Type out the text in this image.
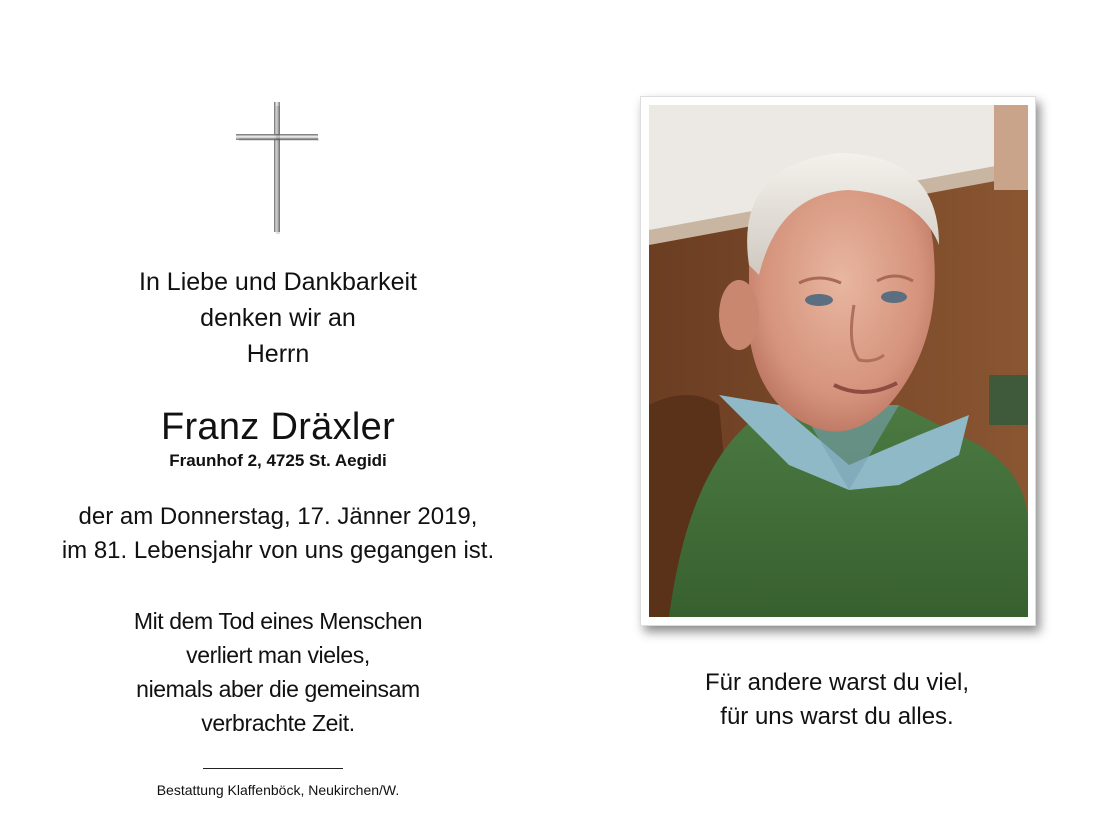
In Liebe und Dankbarkeit
denken wir an
Herrn
Franz Dräxler
Fraunhof 2, 4725 St. Aegidi
der am Donnerstag, 17. Jänner 2019,
im 81. Lebensjahr von uns gegangen ist.
Mit dem Tod eines Menschen
verliert man vieles,
niemals aber die gemeinsam
verbrachte Zeit.
Bestattung Klaffenböck, Neukirchen/W.
Für andere warst du viel,
für uns warst du alles.
